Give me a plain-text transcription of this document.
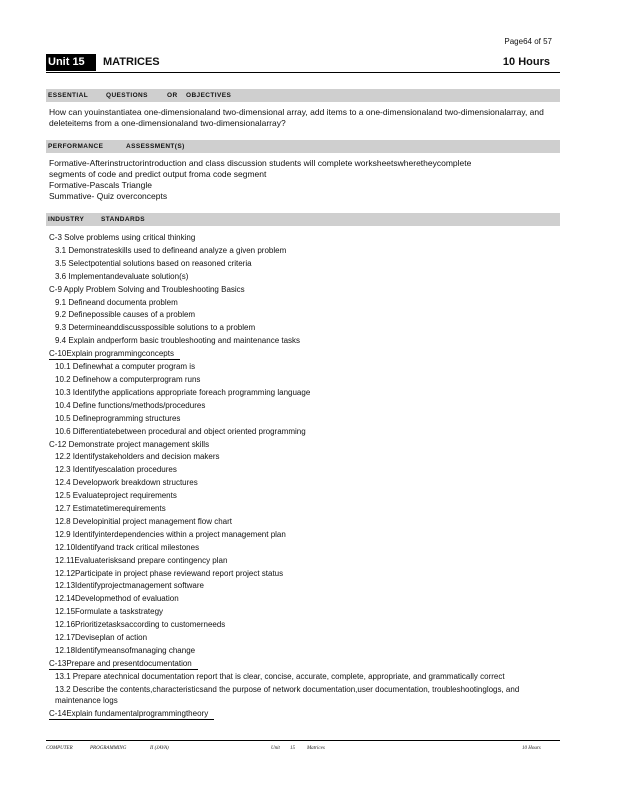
Page64 of 57
Unit 15	MATRICES	10 Hours
ESSENTIAL	QUESTIONS	OR OBJECTIVES
How can youinstantiatea one-dimensionaland two-dimensional array, add items to a one-dimensionaland two-dimensionalarray, and deleteitems from a one-dimensionaland two-dimensionalarray?
PERFORMANCE	ASSESSMENT(S)
Formative-Afterinstructorintroduction and class discussion students will complete worksheetswheretheycomplete
segments of code and predict output froma code segment
Formative-Pascals Triangle
Summative- Quiz overconcepts
INDUSTRY	STANDARDS
C-3 Solve problems using critical thinking
3.1 Demonstrateskills used to defineand analyze a given problem
3.5 Selectpotential solutions based on reasoned criteria
3.6 Implementandevaluate solution(s)
C-9 Apply Problem Solving and Troubleshooting Basics
9.1 Defineand documenta problem
9.2 Definepossible causes of a problem
9.3 Determineanddiscusspossible solutions to a problem
9.4 Explain andperform basic troubleshooting and maintenance tasks
C-10Explain programmingconcepts
10.1 Definewhat a computer program is
10.2 Definehow a computerprogram runs
10.3 Identifythe applications appropriate foreach programming language
10.4 Define functions/methods/procedures
10.5 Defineprogramming structures
10.6 Differentiatebetween procedural and object oriented programming
C-12 Demonstrate project management skills
12.2 Identifystakeholders and decision makers
12.3 Identifyescalation procedures
12.4 Developwork breakdown structures
12.5 Evaluateproject requirements
12.7 Estimatetimerequirements
12.8 Developinitial project management flow chart
12.9 Identifyinterdependencies within a project management plan
12.10Identifyand track critical milestones
12.11Evaluaterisksand prepare contingency plan
12.12Participate in project phase reviewand report project status
12.13Identifyprojectmanagement software
12.14Developmethod of evaluation
12.15Formulate a taskstrategy
12.16Prioritizetasksaccording to customerneeds
12.17Deviseplan of action
12.18Identifymeansofmanaging change
C-13Prepare and presentdocumentation
13.1 Prepare atechnical documentation report that is clear, concise, accurate, complete, appropriate, and grammatically correct
13.2 Describe the contents,characteristicsand the purpose of network documentation,user documentation, troubleshootinglogs, and maintenance logs
C-14Explain fundamentalprogrammingtheory
COMPUTER	PROGRAMMING	II (JAVA)	Unit 15 Matrices	10 Hours
